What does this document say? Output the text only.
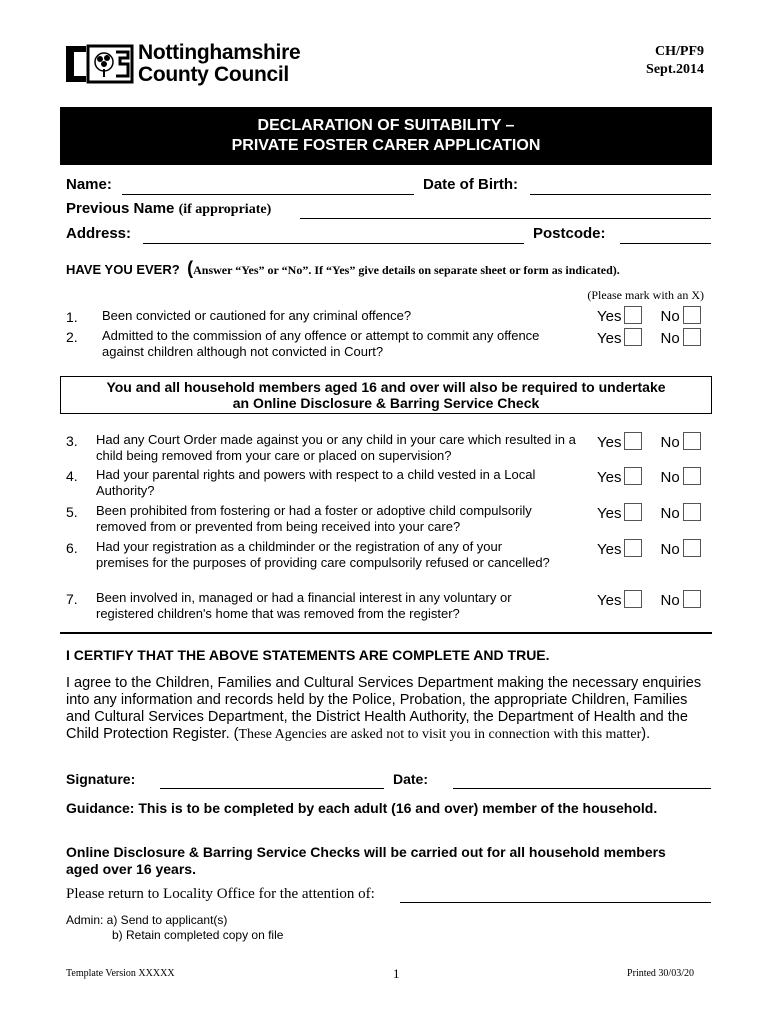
Nottinghamshire
County Council
CH/PF9
Sept.2014
DECLARATION OF SUITABILITY –
PRIVATE FOSTER CARER APPLICATION
Name:	Date of Birth:
Previous Name (if appropriate)
Address:	Postcode:
HAVE YOU EVER? (Answer “Yes” or “No”. If “Yes” give details on separate sheet or form as indicated).
(Please mark with an X)
1. Been convicted or cautioned for any criminal offence?	Yes	No
2. Admitted to the commission of any offence or attempt to commit any offence against children although not convicted in Court?
Yes	No
You and all household members aged 16 and over will also be required to undertake
an Online Disclosure & Barring Service Check
3. Had any Court Order made against you or any child in your care which resulted in a child being removed from your care or placed on supervision?
Yes	No
4. Had your parental rights and powers with respect to a child vested in a Local Authority?
Yes	No
5. Been prohibited from fostering or had a foster or adoptive child compulsorily removed from or prevented from being received into your care?
Yes	No
6. Had your registration as a childminder or the registration of any of your premises for the purposes of providing care compulsorily refused or cancelled?
Yes	No
7. Been involved in, managed or had a financial interest in any voluntary or registered children's home that was removed from the register?
Yes	No
I CERTIFY THAT THE ABOVE STATEMENTS ARE COMPLETE AND TRUE.
I agree to the Children, Families and Cultural Services Department making the necessary enquiries into any information and records held by the Police, Probation, the appropriate Children, Families and Cultural Services Department, the District Health Authority, the Department of Health and the Child Protection Register. (These Agencies are asked not to visit you in connection with this matter).
Signature:	Date:
Guidance: This is to be completed by each adult (16 and over) member of the household.
Online Disclosure & Barring Service Checks will be carried out for all household members aged over 16 years.
Please return to Locality Office for the attention of:
Admin: a) Send to applicant(s)
b) Retain completed copy on file
Template Version XXXXX	1	Printed 30/03/20
